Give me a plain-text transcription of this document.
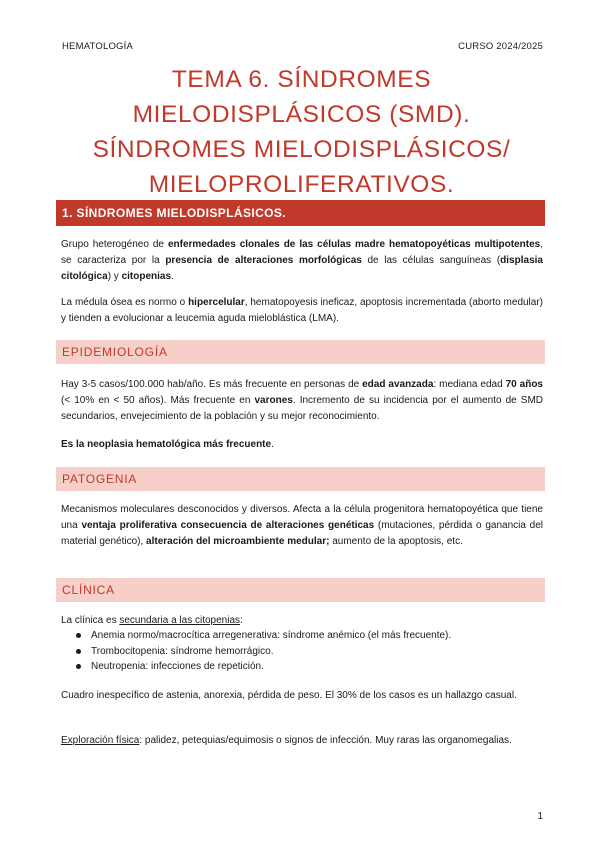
HEMATOLOGÍA	CURSO 2024/2025
TEMA 6. SÍNDROMES
MIELODISPLÁSICOS (SMD).
SÍNDROMES MIELODISPLÁSICOS/
MIELOPROLIFERATIVOS.
1. SÍNDROMES MIELODISPLÁSICOS.
Grupo heterogéneo de enfermedades clonales de las células madre hematopoyéticas multipotentes, se caracteriza por la presencia de alteraciones morfológicas de las células sanguíneas (displasia citológica) y citopenias.
La médula ósea es normo o hipercelular, hematopoyesis ineficaz, apoptosis incrementada (aborto medular) y tienden a evolucionar a leucemia aguda mieloblástica (LMA).
EPIDEMIOLOGÍA
Hay 3-5 casos/100.000 hab/año. Es más frecuente en personas de edad avanzada: mediana edad 70 años (< 10% en < 50 años). Más frecuente en varones. Incremento de su incidencia por el aumento de SMD secundarios, envejecimiento de la población y su mejor reconocimiento.
Es la neoplasia hematológica más frecuente.
PATOGENIA
Mecanismos moleculares desconocidos y diversos. Afecta a la célula progenitora hematopoyética que tiene una ventaja proliferativa consecuencia de alteraciones genéticas (mutaciones, pérdida o ganancia del material genético), alteración del microambiente medular; aumento de la apoptosis, etc.
CLÍNICA
La clínica es secundaria a las citopenias:
Anemia normo/macrocítica arregenerativa: síndrome anémico (el más frecuente).
Trombocitopenia: síndrome hemorrágico.
Neutropenia: infecciones de repetición.
Cuadro inespecífico de astenia, anorexia, pérdida de peso. El 30% de los casos es un hallazgo casual.
Exploración física: palidez, petequias/equimosis o signos de infección. Muy raras las organomegalias.
1
